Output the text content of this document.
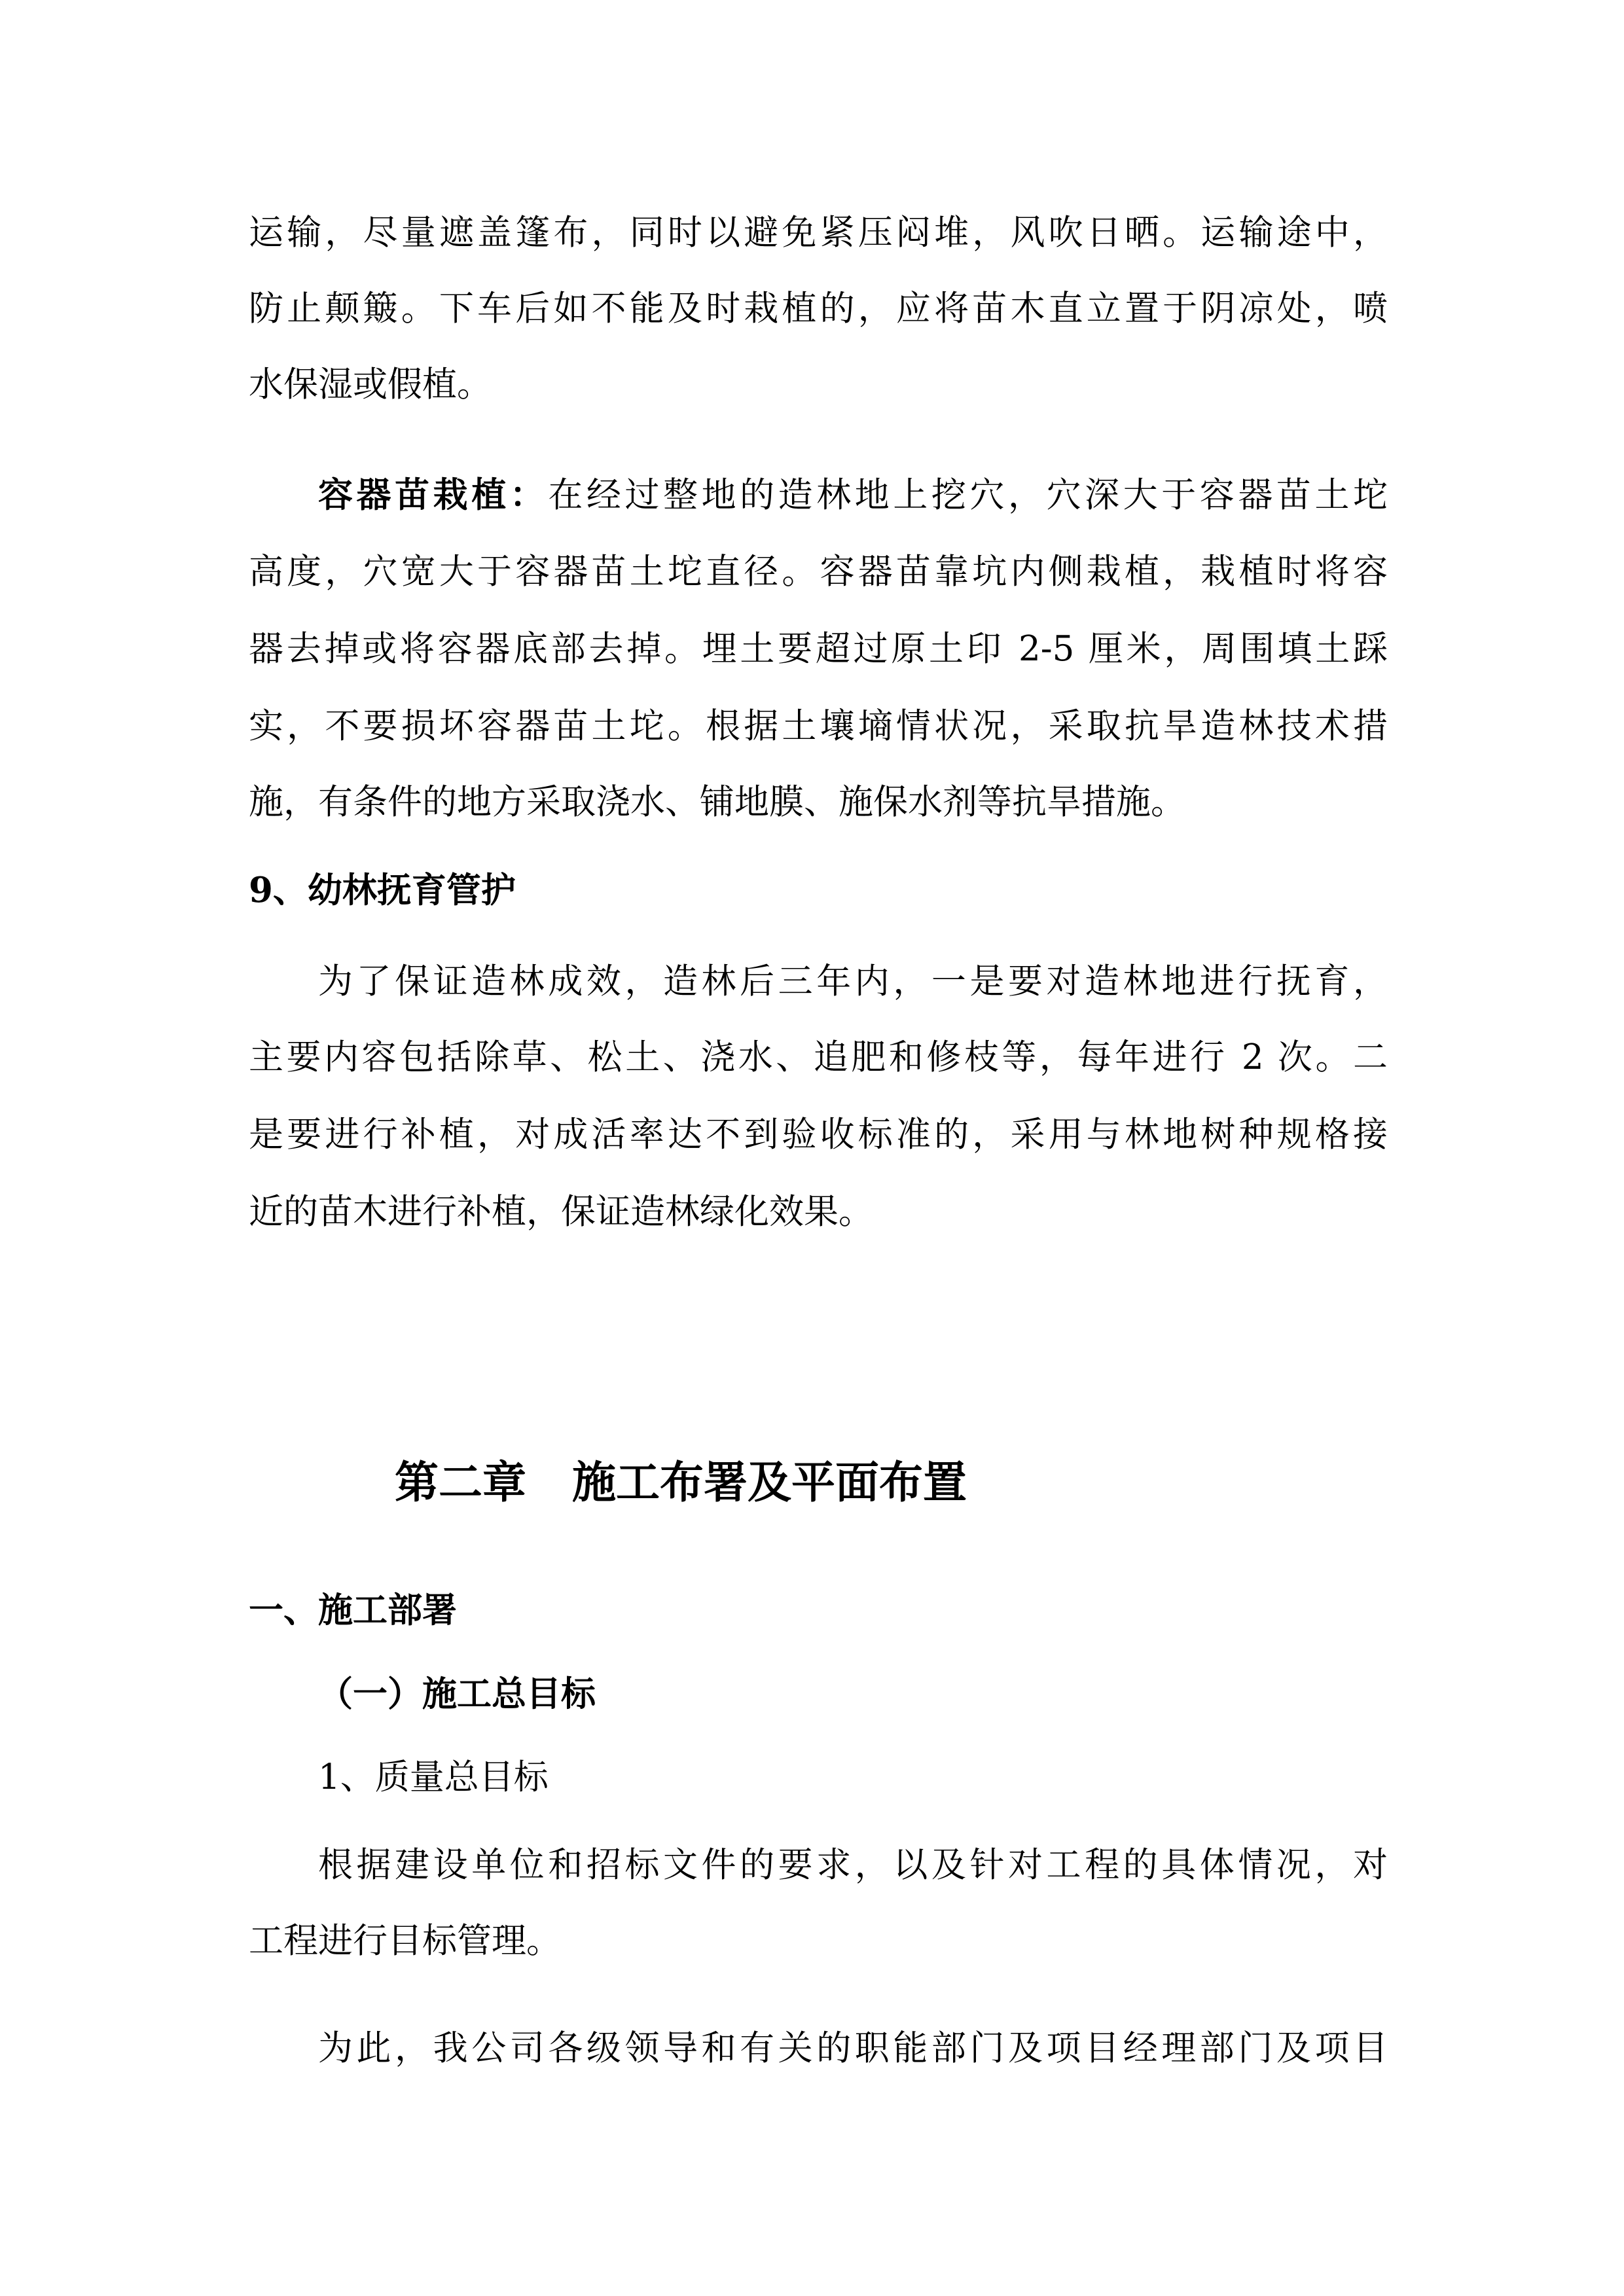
运输，尽量遮盖篷布，同时以避免紧压闷堆，风吹日晒。运输途中，
防止颠簸。下车后如不能及时栽植的，应将苗木直立置于阴凉处，喷
水保湿或假植。
容器苗栽植：在经过整地的造林地上挖穴，穴深大于容器苗土坨
高度，穴宽大于容器苗土坨直径。容器苗靠坑内侧栽植，栽植时将容
器去掉或将容器底部去掉。埋土要超过原土印 2-5 厘米，周围填土踩
实，不要损坏容器苗土坨。根据土壤墒情状况，采取抗旱造林技术措
施，有条件的地方采取浇水、铺地膜、施保水剂等抗旱措施。
9、幼林抚育管护
为了保证造林成效，造林后三年内，一是要对造林地进行抚育，
主要内容包括除草、松土、浇水、追肥和修枝等，每年进行 2 次。二
是要进行补植，对成活率达不到验收标准的，采用与林地树种规格接
近的苗木进行补植，保证造林绿化效果。
第二章 施工布署及平面布置
一、施工部署
（一）施工总目标
1、质量总目标
根据建设单位和招标文件的要求，以及针对工程的具体情况，对
工程进行目标管理。
为此，我公司各级领导和有关的职能部门及项目经理部门及项目
